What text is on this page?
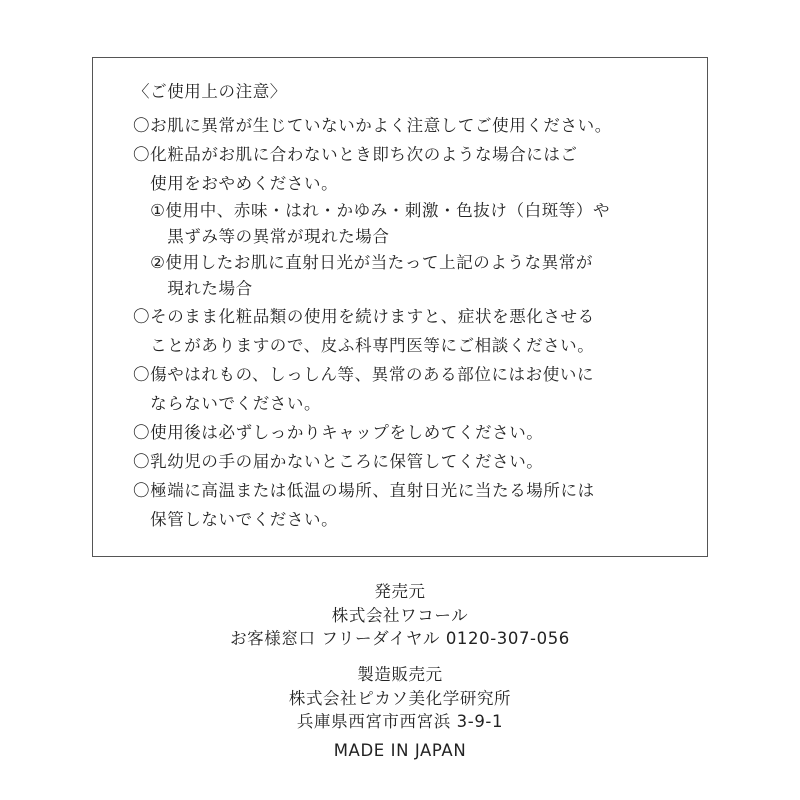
〈ご使用上の注意〉
〇お肌に異常が生じていないかよく注意してご使用ください。
〇化粧品がお肌に合わないとき即ち次のような場合にはご
　使用をおやめください。
　①使用中、赤味・はれ・かゆみ・刺激・色抜け（白斑等）や
　　黒ずみ等の異常が現れた場合
　②使用したお肌に直射日光が当たって上記のような異常が
　　現れた場合
〇そのまま化粧品類の使用を続けますと、症状を悪化させる
　ことがありますので、皮ふ科専門医等にご相談ください。
〇傷やはれもの、しっしん等、異常のある部位にはお使いに
　ならないでください。
〇使用後は必ずしっかりキャップをしめてください。
〇乳幼児の手の届かないところに保管してください。
〇極端に高温または低温の場所、直射日光に当たる場所には
　保管しないでください。
発売元
株式会社ワコール
お客様窓口 フリーダイヤル 0120-307-056
製造販売元
株式会社ピカソ美化学研究所
兵庫県西宮市西宮浜 3-9-1
MADE IN JAPAN
